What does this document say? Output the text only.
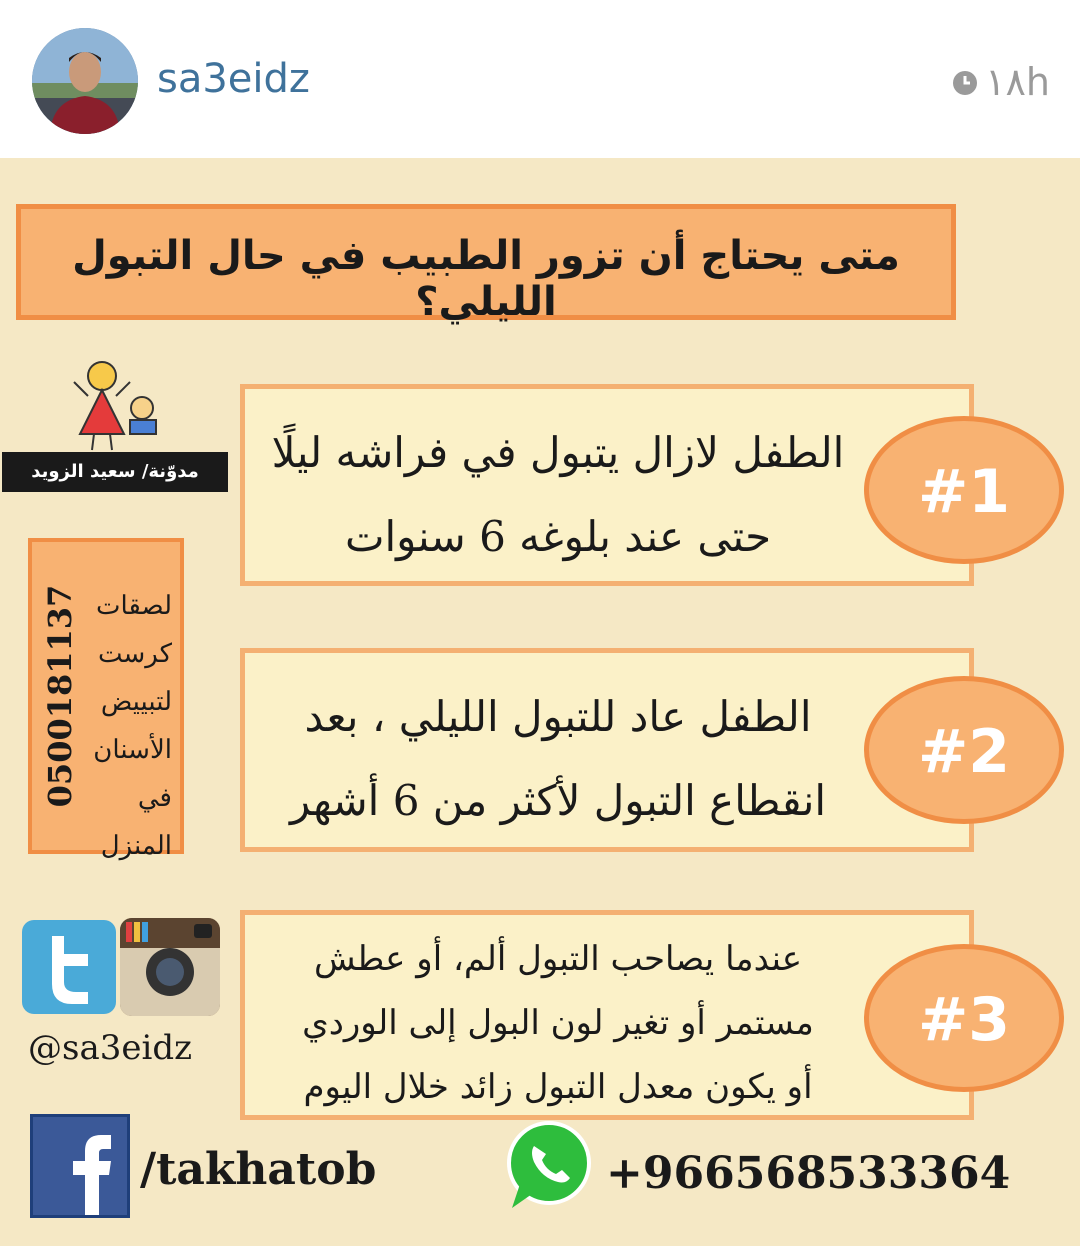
sa3eidz	١٨h
متى يحتاج أن تزور الطبيب في حال التبول الليلي؟
مدوّنة/ سعيد الزويد
0500181137 لصقات
كرست
لتبييض
الأسنان
في المنزل
الطفل لازال يتبول في فراشه ليلًا
حتى عند بلوغه 6 سنوات
#1
الطفل عاد للتبول الليلي ، بعد
انقطاع التبول لأكثر من 6 أشهر
#2
عندما يصاحب التبول ألم، أو عطش
مستمر أو تغير لون البول إلى الوردي
أو يكون معدل التبول زائد خلال اليوم
#3
@sa3eidz
/takhatob	+966568533364
